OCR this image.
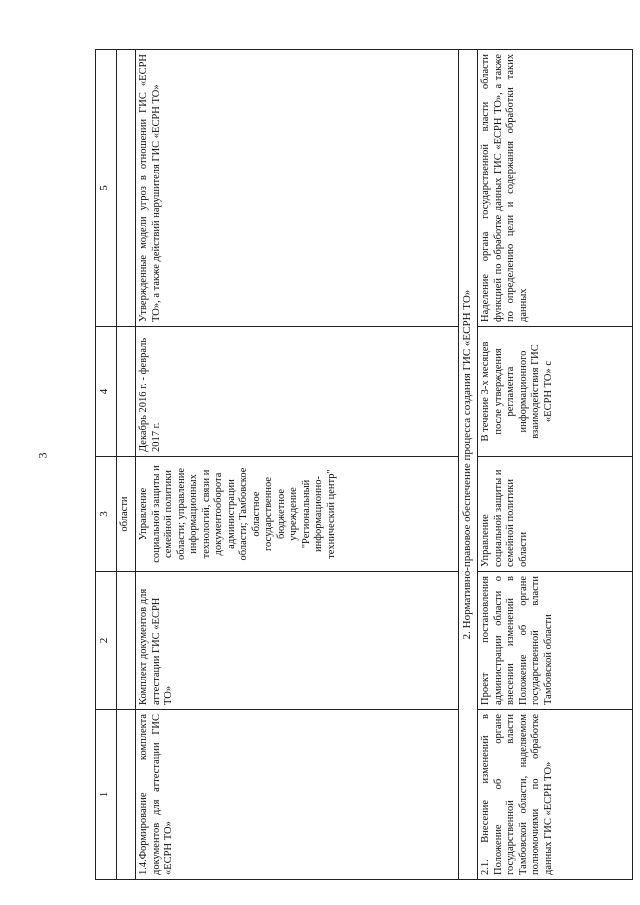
3
1	2	3	4	5
		области		
1.4.Формирование комплекта документов для аттестации ГИС «ЕСРН ТО»	Комплект документов для аттестации ГИС «ЕСРН ТО»	Управление социальной защиты и семейной политики области; управление информационных технологий, связи и документооборота администрации области; Тамбовское областное государственное бюджетное учреждение "Региональный информационно-технический центр"	Декабрь 2016 г. - февраль 2017 г.	Утвержденные модели угроз в отношении ГИС «ЕСРН ТО», а также действий нарушителя ГИС «ЕСРН ТО»
2. Нормативно-правовое обеспечение процесса создания ГИС «ЕСРН ТО»				
2.1. Внесение изменений в Положение об органе государственной власти Тамбовской области, наделяемом полномочиями по обработке данных ГИС «ЕСРН ТО»	Проект постановления администрации области о внесении изменений в Положение об органе государственной власти Тамбовской области	Управление социальной защиты и семейной политики области	В течение 3-х месяцев после утверждения регламента информационного взаимодействия ГИС «ЕСРН ТО» с	Наделение органа государственной власти области функцией по обработке данных ГИС «ЕСРН ТО», а также по определению цели и содержания обработки таких данных
